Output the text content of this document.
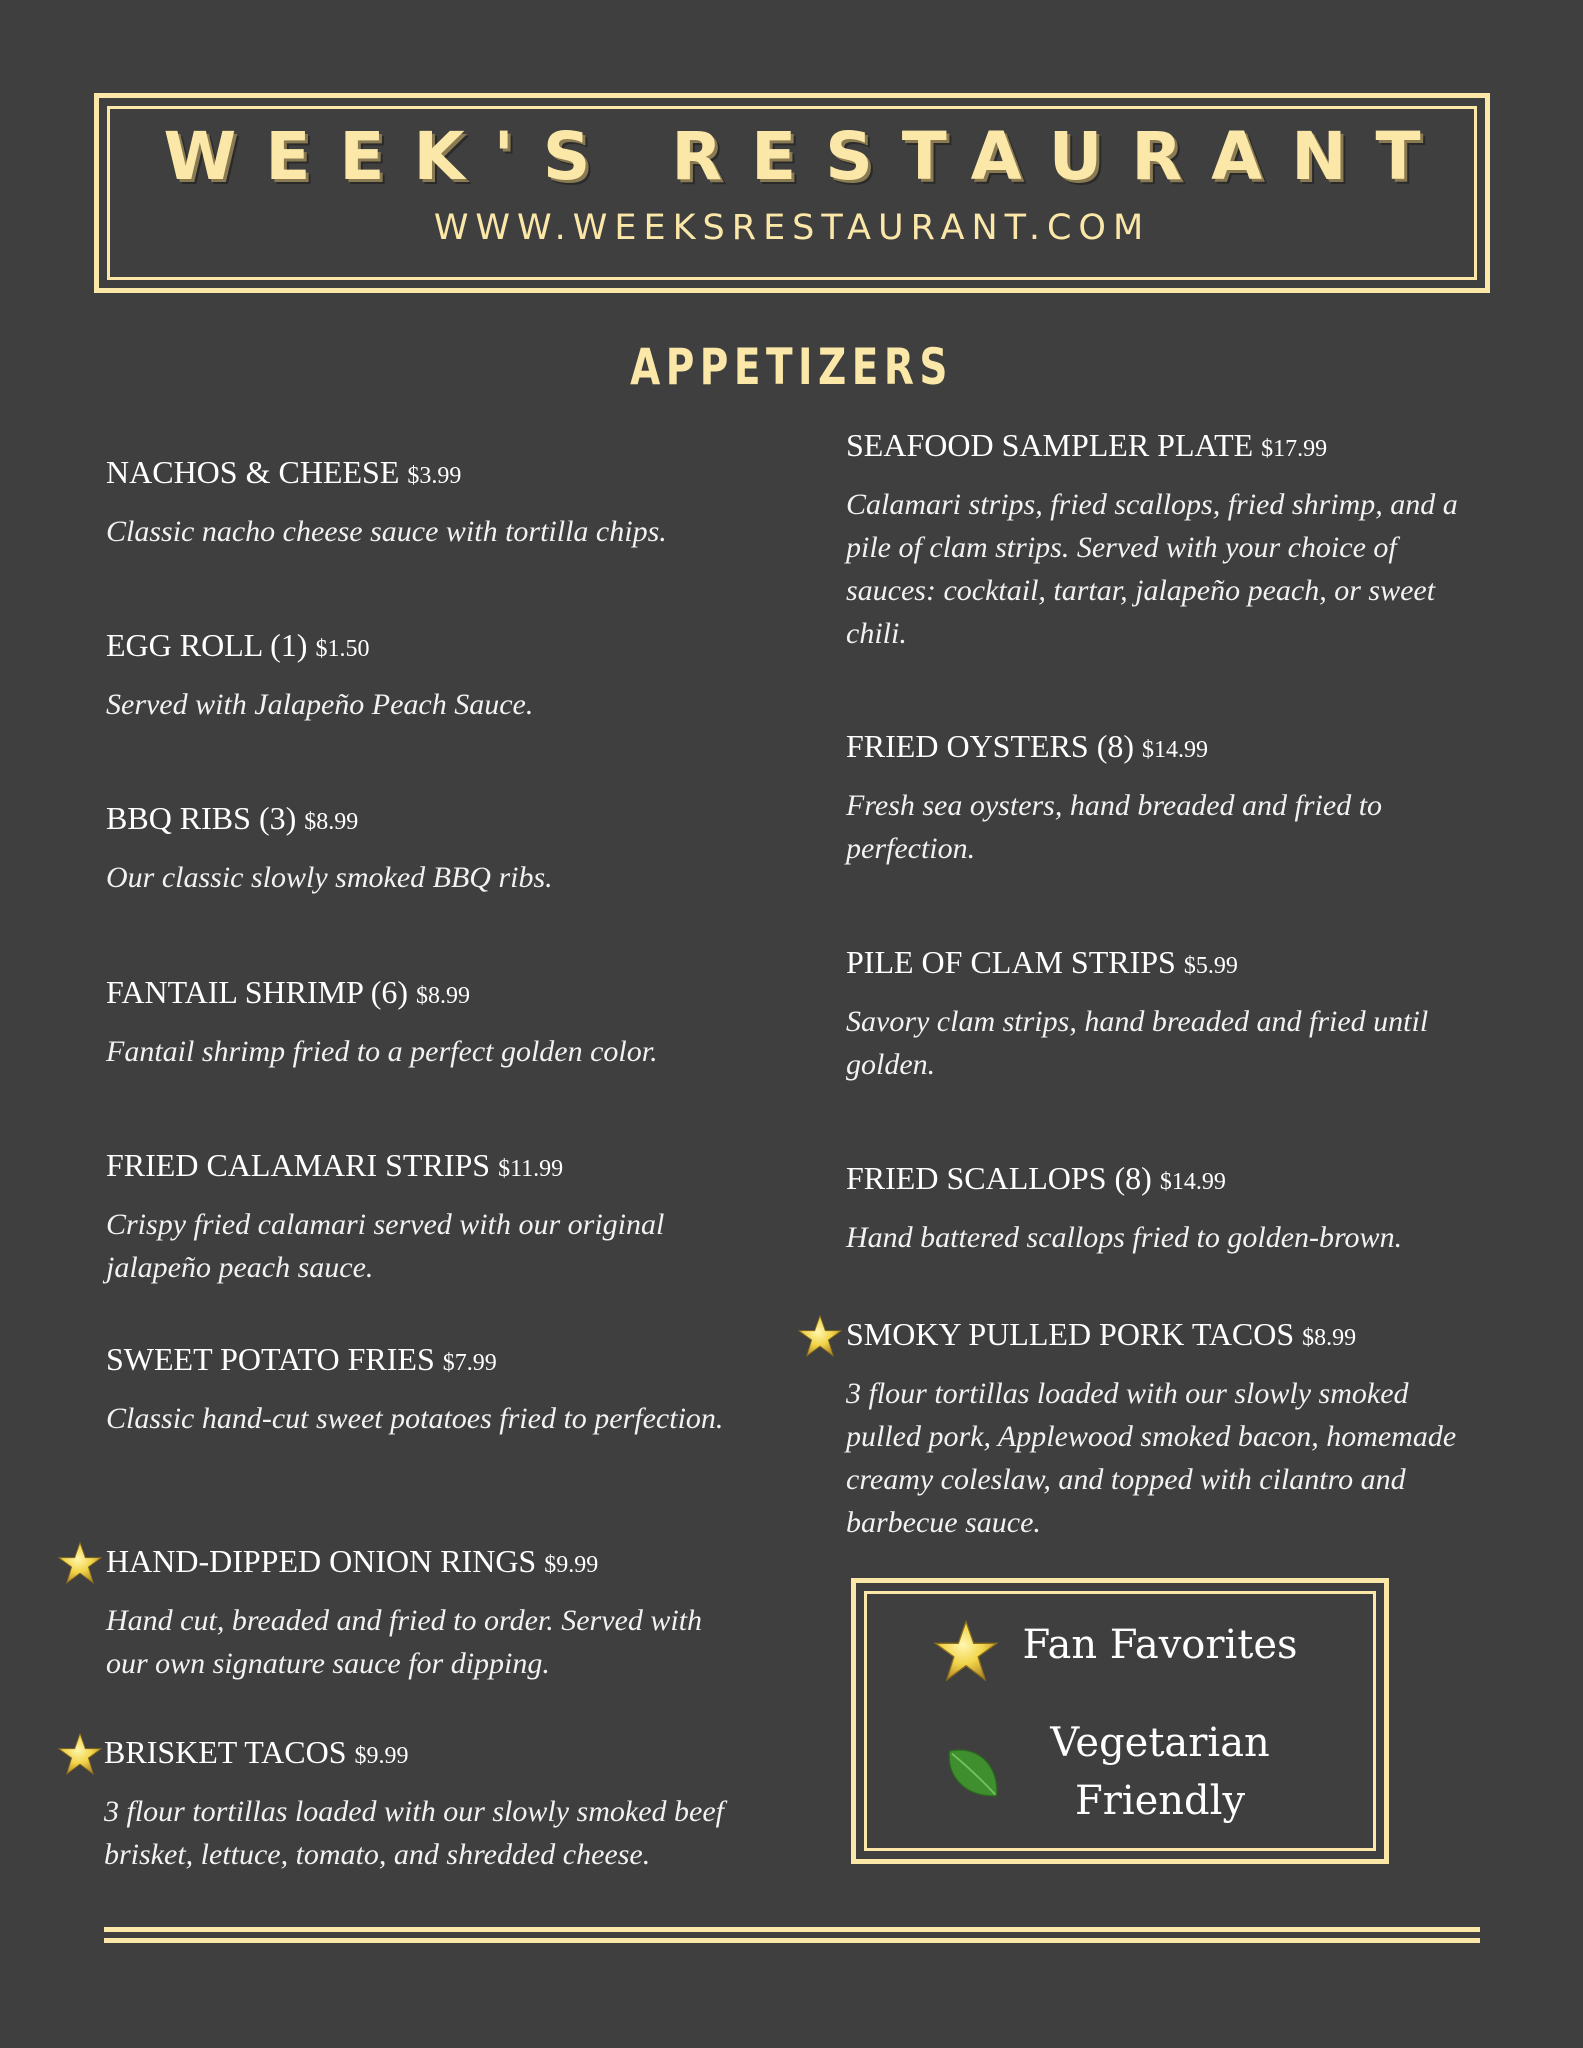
WEEK'S RESTAURANT
WWW.WEEKSRESTAURANT.COM
APPETIZERS
NACHOS & CHEESE $3.99
Classic nacho cheese sauce with tortilla chips.
EGG ROLL (1) $1.50
Served with Jalapeño Peach Sauce.
BBQ RIBS (3) $8.99
Our classic slowly smoked BBQ ribs.
FANTAIL SHRIMP (6) $8.99
Fantail shrimp fried to a perfect golden color.
FRIED CALAMARI STRIPS $11.99
Crispy fried calamari served with our original jalapeño peach sauce.
SWEET POTATO FRIES $7.99
Classic hand-cut sweet potatoes fried to perfection.
HAND-DIPPED ONION RINGS $9.99
Hand cut, breaded and fried to order. Served with our own signature sauce for dipping.
BRISKET TACOS $9.99
3 flour tortillas loaded with our slowly smoked beef brisket, lettuce, tomato, and shredded cheese.
SEAFOOD SAMPLER PLATE $17.99
Calamari strips, fried scallops, fried shrimp, and a pile of clam strips. Served with your choice of sauces: cocktail, tartar, jalapeño peach, or sweet chili.
FRIED OYSTERS (8) $14.99
Fresh sea oysters, hand breaded and fried to perfection.
PILE OF CLAM STRIPS $5.99
Savory clam strips, hand breaded and fried until golden.
FRIED SCALLOPS (8) $14.99
Hand battered scallops fried to golden-brown.
SMOKY PULLED PORK TACOS $8.99
3 flour tortillas loaded with our slowly smoked pulled pork, Applewood smoked bacon, homemade creamy coleslaw, and topped with cilantro and barbecue sauce.
Fan Favorites
Vegetarian
Friendly
